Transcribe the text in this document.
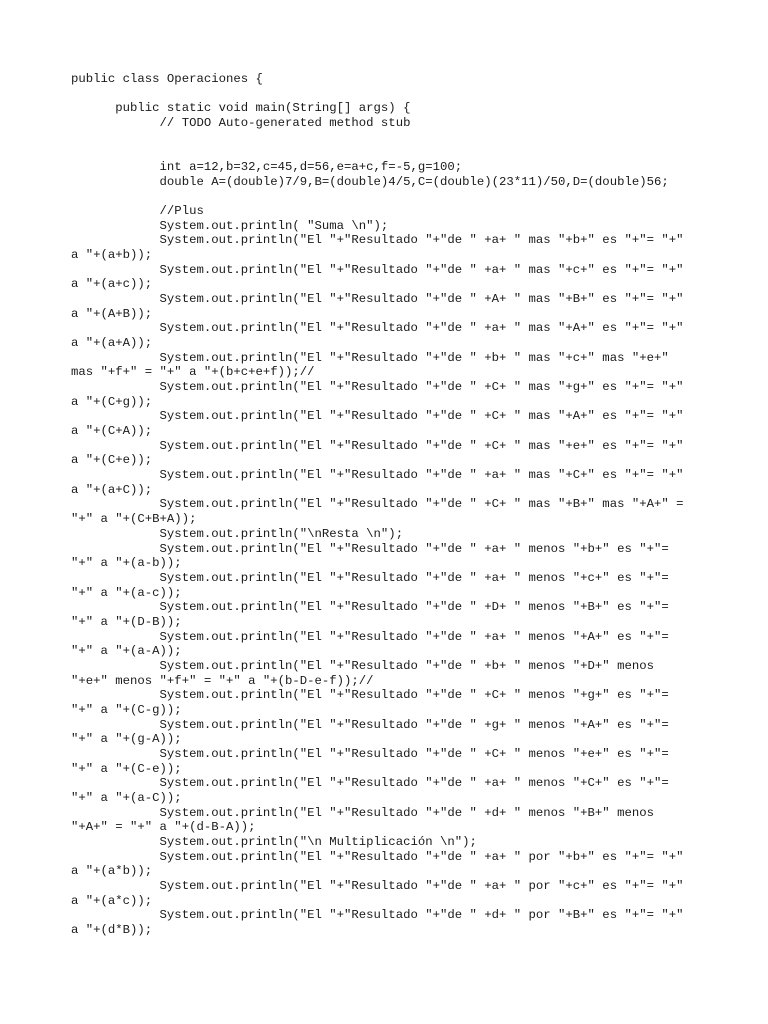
public class Operaciones {
public static void main(String[] args) {
// TODO Auto-generated method stub
int a=12,b=32,c=45,d=56,e=a+c,f=-5,g=100;
double A=(double)7/9,B=(double)4/5,C=(double)(23*11)/50,D=(double)56;
//Plus
System.out.println( "Suma \n");
System.out.println("El "+"Resultado "+"de " +a+ " mas "+b+" es "+"= "+"
a "+(a+b));
System.out.println("El "+"Resultado "+"de " +a+ " mas "+c+" es "+"= "+"
a "+(a+c));
System.out.println("El "+"Resultado "+"de " +A+ " mas "+B+" es "+"= "+"
a "+(A+B));
System.out.println("El "+"Resultado "+"de " +a+ " mas "+A+" es "+"= "+"
a "+(a+A));
System.out.println("El "+"Resultado "+"de " +b+ " mas "+c+" mas "+e+"
mas "+f+" = "+" a "+(b+c+e+f));//
System.out.println("El "+"Resultado "+"de " +C+ " mas "+g+" es "+"= "+"
a "+(C+g));
System.out.println("El "+"Resultado "+"de " +C+ " mas "+A+" es "+"= "+"
a "+(C+A));
System.out.println("El "+"Resultado "+"de " +C+ " mas "+e+" es "+"= "+"
a "+(C+e));
System.out.println("El "+"Resultado "+"de " +a+ " mas "+C+" es "+"= "+"
a "+(a+C));
System.out.println("El "+"Resultado "+"de " +C+ " mas "+B+" mas "+A+" =
"+" a "+(C+B+A));
System.out.println("\nResta \n");
System.out.println("El "+"Resultado "+"de " +a+ " menos "+b+" es "+"=
"+" a "+(a-b));
System.out.println("El "+"Resultado "+"de " +a+ " menos "+c+" es "+"=
"+" a "+(a-c));
System.out.println("El "+"Resultado "+"de " +D+ " menos "+B+" es "+"=
"+" a "+(D-B));
System.out.println("El "+"Resultado "+"de " +a+ " menos "+A+" es "+"=
"+" a "+(a-A));
System.out.println("El "+"Resultado "+"de " +b+ " menos "+D+" menos
"+e+" menos "+f+" = "+" a "+(b-D-e-f));//
System.out.println("El "+"Resultado "+"de " +C+ " menos "+g+" es "+"=
"+" a "+(C-g));
System.out.println("El "+"Resultado "+"de " +g+ " menos "+A+" es "+"=
"+" a "+(g-A));
System.out.println("El "+"Resultado "+"de " +C+ " menos "+e+" es "+"=
"+" a "+(C-e));
System.out.println("El "+"Resultado "+"de " +a+ " menos "+C+" es "+"=
"+" a "+(a-C));
System.out.println("El "+"Resultado "+"de " +d+ " menos "+B+" menos
"+A+" = "+" a "+(d-B-A));
System.out.println("\n Multiplicación \n");
System.out.println("El "+"Resultado "+"de " +a+ " por "+b+" es "+"= "+"
a "+(a*b));
System.out.println("El "+"Resultado "+"de " +a+ " por "+c+" es "+"= "+"
a "+(a*c));
System.out.println("El "+"Resultado "+"de " +d+ " por "+B+" es "+"= "+"
a "+(d*B));
